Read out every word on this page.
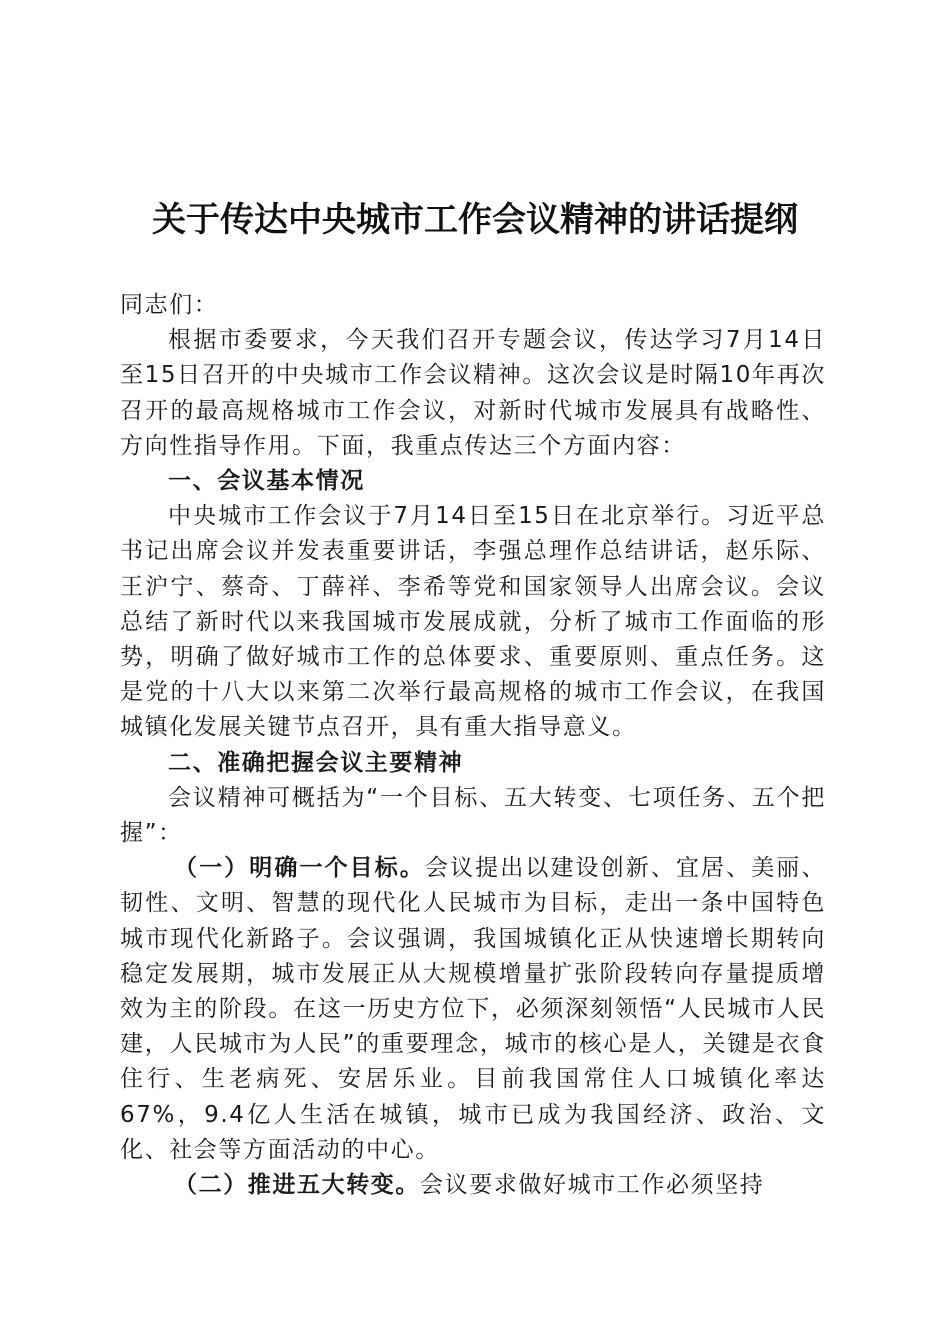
关于传达中央城市工作会议精神的讲话提纲

同志们：

根据市委要求，今天我们召开专题会议，传达学习7月14日至15日召开的中央城市工作会议精神。这次会议是时隔10年再次召开的最高规格城市工作会议，对新时代城市发展具有战略性、方向性指导作用。下面，我重点传达三个方面内容：

一、会议基本情况

中央城市工作会议于7月14日至15日在北京举行。习近平总书记出席会议并发表重要讲话，李强总理作总结讲话，赵乐际、王沪宁、蔡奇、丁薛祥、李希等党和国家领导人出席会议。会议总结了新时代以来我国城市发展成就，分析了城市工作面临的形势，明确了做好城市工作的总体要求、重要原则、重点任务。这是党的十八大以来第二次举行最高规格的城市工作会议，在我国城镇化发展关键节点召开，具有重大指导意义。

二、准确把握会议主要精神

会议精神可概括为“一个目标、五大转变、七项任务、五个把握”：

（一）明确一个目标。会议提出以建设创新、宜居、美丽、韧性、文明、智慧的现代化人民城市为目标，走出一条中国特色城市现代化新路子。会议强调，我国城镇化正从快速增长期转向稳定发展期，城市发展正从大规模增量扩张阶段转向存量提质增效为主的阶段。在这一历史方位下，必须深刻领悟“人民城市人民建，人民城市为人民”的重要理念，城市的核心是人，关键是衣食住行、生老病死、安居乐业。目前我国常住人口城镇化率达67%，9.4亿人生活在城镇，城市已成为我国经济、政治、文化、社会等方面活动的中心。

（二）推进五大转变。会议要求做好城市工作必须坚持
